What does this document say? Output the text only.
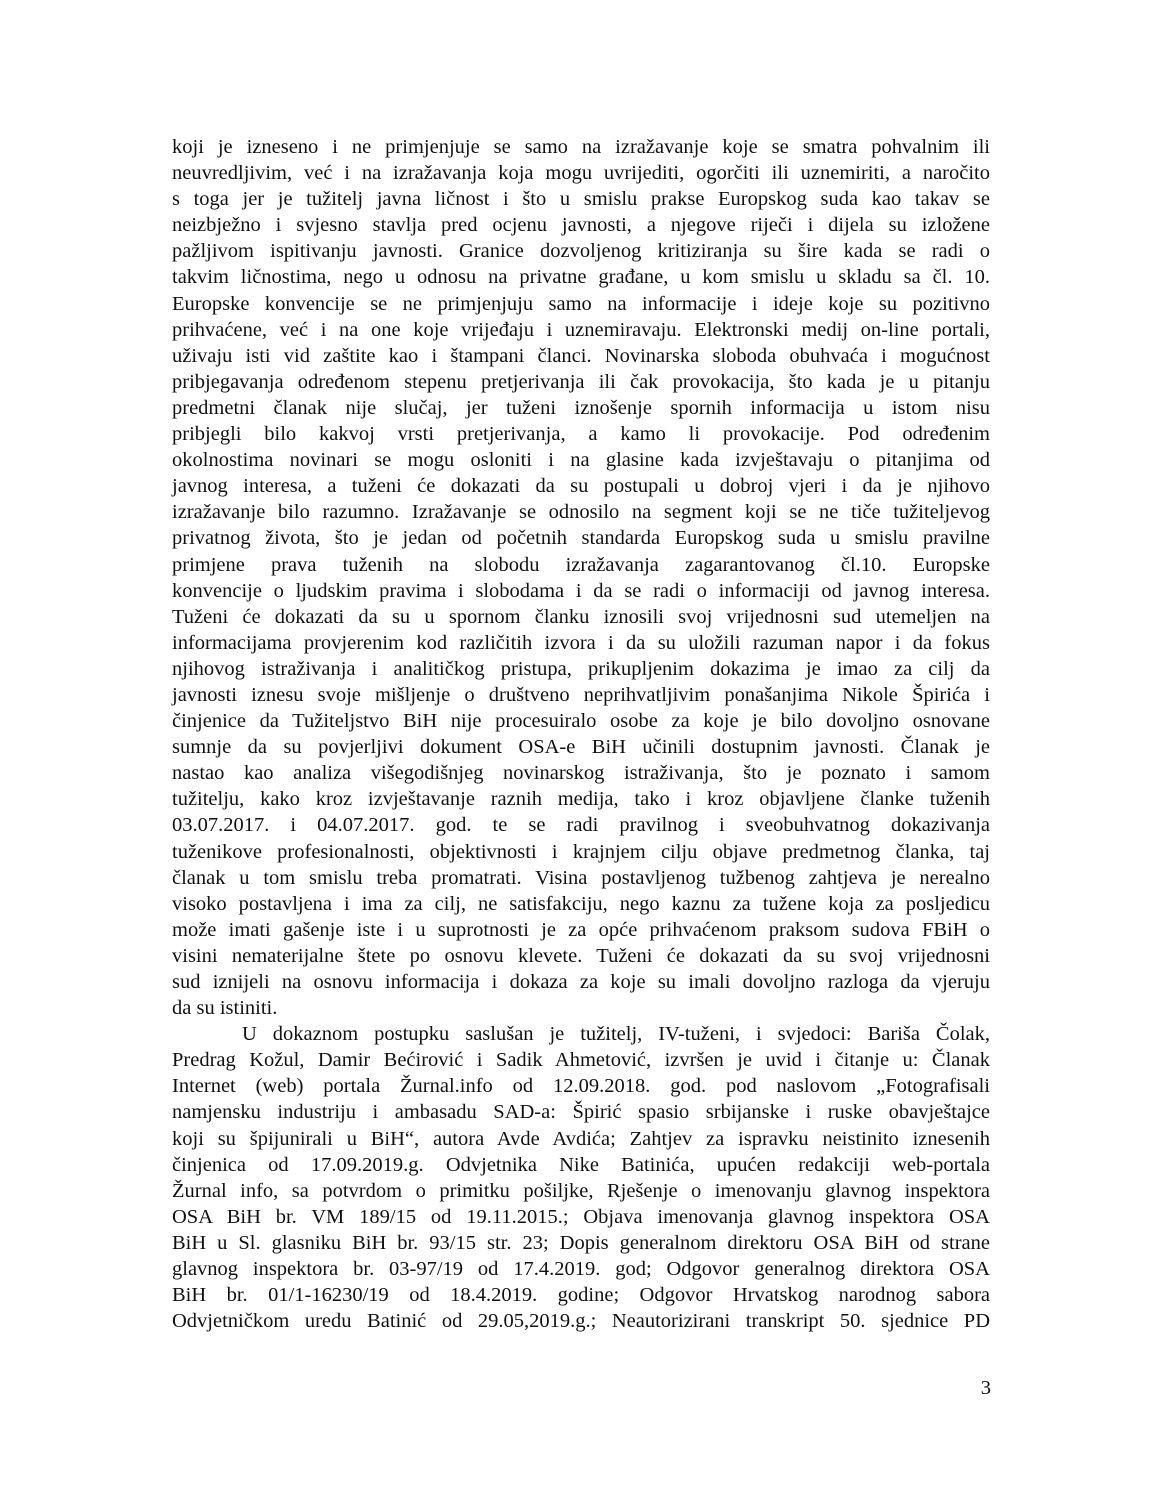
koji je izneseno i ne primjenjuje se samo na izražavanje koje se smatra pohvalnim ili
neuvredljivim, već i na izražavanja koja mogu uvrijediti, ogorčiti ili uznemiriti, a naročito
s toga jer je tužitelj javna ličnost i što u smislu prakse Europskog suda kao takav se
neizbježno i svjesno stavlja pred ocjenu javnosti, a njegove riječi i dijela su izložene
pažljivom ispitivanju javnosti. Granice dozvoljenog kritiziranja su šire kada se radi o
takvim ličnostima, nego u odnosu na privatne građane, u kom smislu u skladu sa čl. 10.
Europske konvencije se ne primjenjuju samo na informacije i ideje koje su pozitivno
prihvaćene, već i na one koje vrijeđaju i uznemiravaju. Elektronski medij on-line portali,
uživaju isti vid zaštite kao i štampani članci. Novinarska sloboda obuhvaća i mogućnost
pribjegavanja određenom stepenu pretjerivanja ili čak provokacija, što kada je u pitanju
predmetni članak nije slučaj, jer tuženi iznošenje spornih informacija u istom nisu
pribjegli bilo kakvoj vrsti pretjerivanja, a kamo li provokacije. Pod određenim
okolnostima novinari se mogu osloniti i na glasine kada izvještavaju o pitanjima od
javnog interesa, a tuženi će dokazati da su postupali u dobroj vjeri i da je njihovo
izražavanje bilo razumno. Izražavanje se odnosilo na segment koji se ne tiče tužiteljevog
privatnog života, što je jedan od početnih standarda Europskog suda u smislu pravilne
primjene prava tuženih na slobodu izražavanja zagarantovanog čl.10. Europske
konvencije o ljudskim pravima i slobodama i da se radi o informaciji od javnog interesa.
Tuženi će dokazati da su u spornom članku iznosili svoj vrijednosni sud utemeljen na
informacijama provjerenim kod različitih izvora i da su uložili razuman napor i da fokus
njihovog istraživanja i analitičkog pristupa, prikupljenim dokazima je imao za cilj da
javnosti iznesu svoje mišljenje o društveno neprihvatljivim ponašanjima Nikole Špirića i
činjenice da Tužiteljstvo BiH nije procesuiralo osobe za koje je bilo dovoljno osnovane
sumnje da su povjerljivi dokument OSA-e BiH učinili dostupnim javnosti. Članak je
nastao kao analiza višegodišnjeg novinarskog istraživanja, što je poznato i samom
tužitelju, kako kroz izvještavanje raznih medija, tako i kroz objavljene članke tuženih
03.07.2017. i 04.07.2017. god. te se radi pravilnog i sveobuhvatnog dokazivanja
tuženikove profesionalnosti, objektivnosti i krajnjem cilju objave predmetnog članka, taj
članak u tom smislu treba promatrati. Visina postavljenog tužbenog zahtjeva je nerealno
visoko postavljena i ima za cilj, ne satisfakciju, nego kaznu za tužene koja za posljedicu
može imati gašenje iste i u suprotnosti je za opće prihvaćenom praksom sudova FBiH o
visini nematerijalne štete po osnovu klevete. Tuženi će dokazati da su svoj vrijednosni
sud iznijeli na osnovu informacija i dokaza za koje su imali dovoljno razloga da vjeruju
da su istiniti.
U dokaznom postupku saslušan je tužitelj, IV-tuženi, i svjedoci: Bariša Čolak,
Predrag Kožul, Damir Bećirović i Sadik Ahmetović, izvršen je uvid i čitanje u: Članak
Internet (web) portala Žurnal.info od 12.09.2018. god. pod naslovom „Fotografisali
namjensku industriju i ambasadu SAD-a: Špirić spasio srbijanske i ruske obavještajce
koji su špijunirali u BiH“, autora Avde Avdića; Zahtjev za ispravku neistinito iznesenih
činjenica od 17.09.2019.g. Odvjetnika Nike Batinića, upućen redakciji web-portala
Žurnal info, sa potvrdom o primitku pošiljke, Rješenje o imenovanju glavnog inspektora
OSA BiH br. VM 189/15 od 19.11.2015.; Objava imenovanja glavnog inspektora OSA
BiH u Sl. glasniku BiH br. 93/15 str. 23; Dopis generalnom direktoru OSA BiH od strane
glavnog inspektora br. 03-97/19 od 17.4.2019. god; Odgovor generalnog direktora OSA
BiH br. 01/1-16230/19 od 18.4.2019. godine; Odgovor Hrvatskog narodnog sabora
Odvjetničkom uredu Batinić od 29.05,2019.g.; Neautorizirani transkript 50. sjednice PD
3
